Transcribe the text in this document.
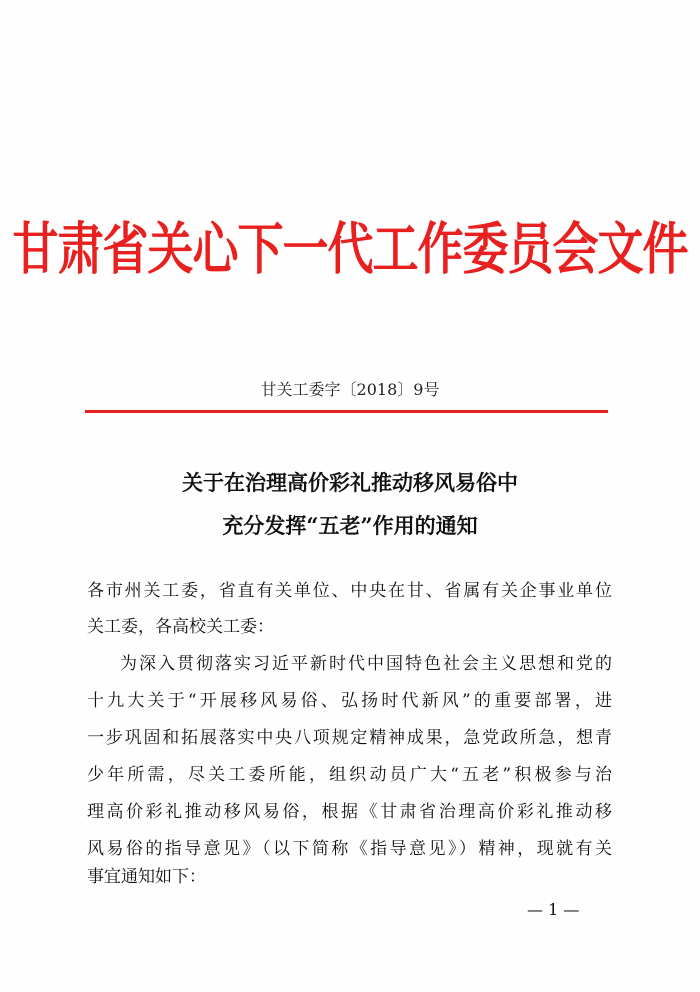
甘肃省关心下一代工作委员会文件
甘关工委字〔2018〕9号
关于在治理高价彩礼推动移风易俗中
充分发挥“五老”作用的通知
各市州关工委，省直有关单位、中央在甘、省属有关企事业单位
关工委，各高校关工委：
为深入贯彻落实习近平新时代中国特色社会主义思想和党的
十九大关于“开展移风易俗、弘扬时代新风”的重要部署，进
一步巩固和拓展落实中央八项规定精神成果，急党政所急，想青
少年所需，尽关工委所能，组织动员广大“五老”积极参与治
理高价彩礼推动移风易俗，根据《甘肃省治理高价彩礼推动移
风易俗的指导意见》（以下简称《指导意见》）精神，现就有关
事宜通知如下：
— 1 —
